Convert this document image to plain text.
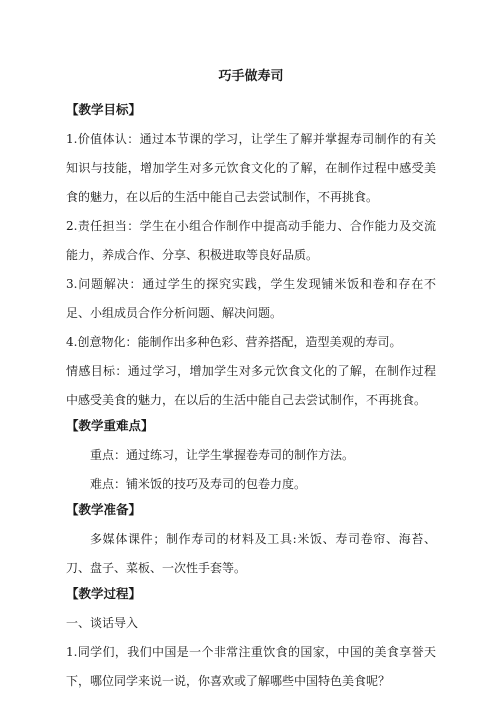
巧手做寿司
【教学目标】

1.价值体认：通过本节课的学习，让学生了解并掌握寿司制作的有关知识与技能，增加学生对多元饮食文化的了解，在制作过程中感受美食的魅力，在以后的生活中能自己去尝试制作，不再挑食。

2.责任担当：学生在小组合作制作中提高动手能力、合作能力及交流能力，养成合作、分享、积极进取等良好品质。

3.问题解决：通过学生的探究实践，学生发现铺米饭和卷和存在不足、小组成员合作分析问题、解决问题。

4.创意物化：能制作出多种色彩、营养搭配，造型美观的寿司。

情感目标：通过学习，增加学生对多元饮食文化的了解，在制作过程中感受美食的魅力，在以后的生活中能自己去尝试制作，不再挑食。

【教学重难点】

重点：通过练习，让学生掌握卷寿司的制作方法。

难点：铺米饭的技巧及寿司的包卷力度。

【教学准备】

多媒体课件；制作寿司的材料及工具:米饭、寿司卷帘、海苔、刀、盘子、菜板、一次性手套等。

【教学过程】

一、谈话导入

1.同学们，我们中国是一个非常注重饮食的国家，中国的美食享誉天下，哪位同学来说一说，你喜欢或了解哪些中国特色美食呢？
